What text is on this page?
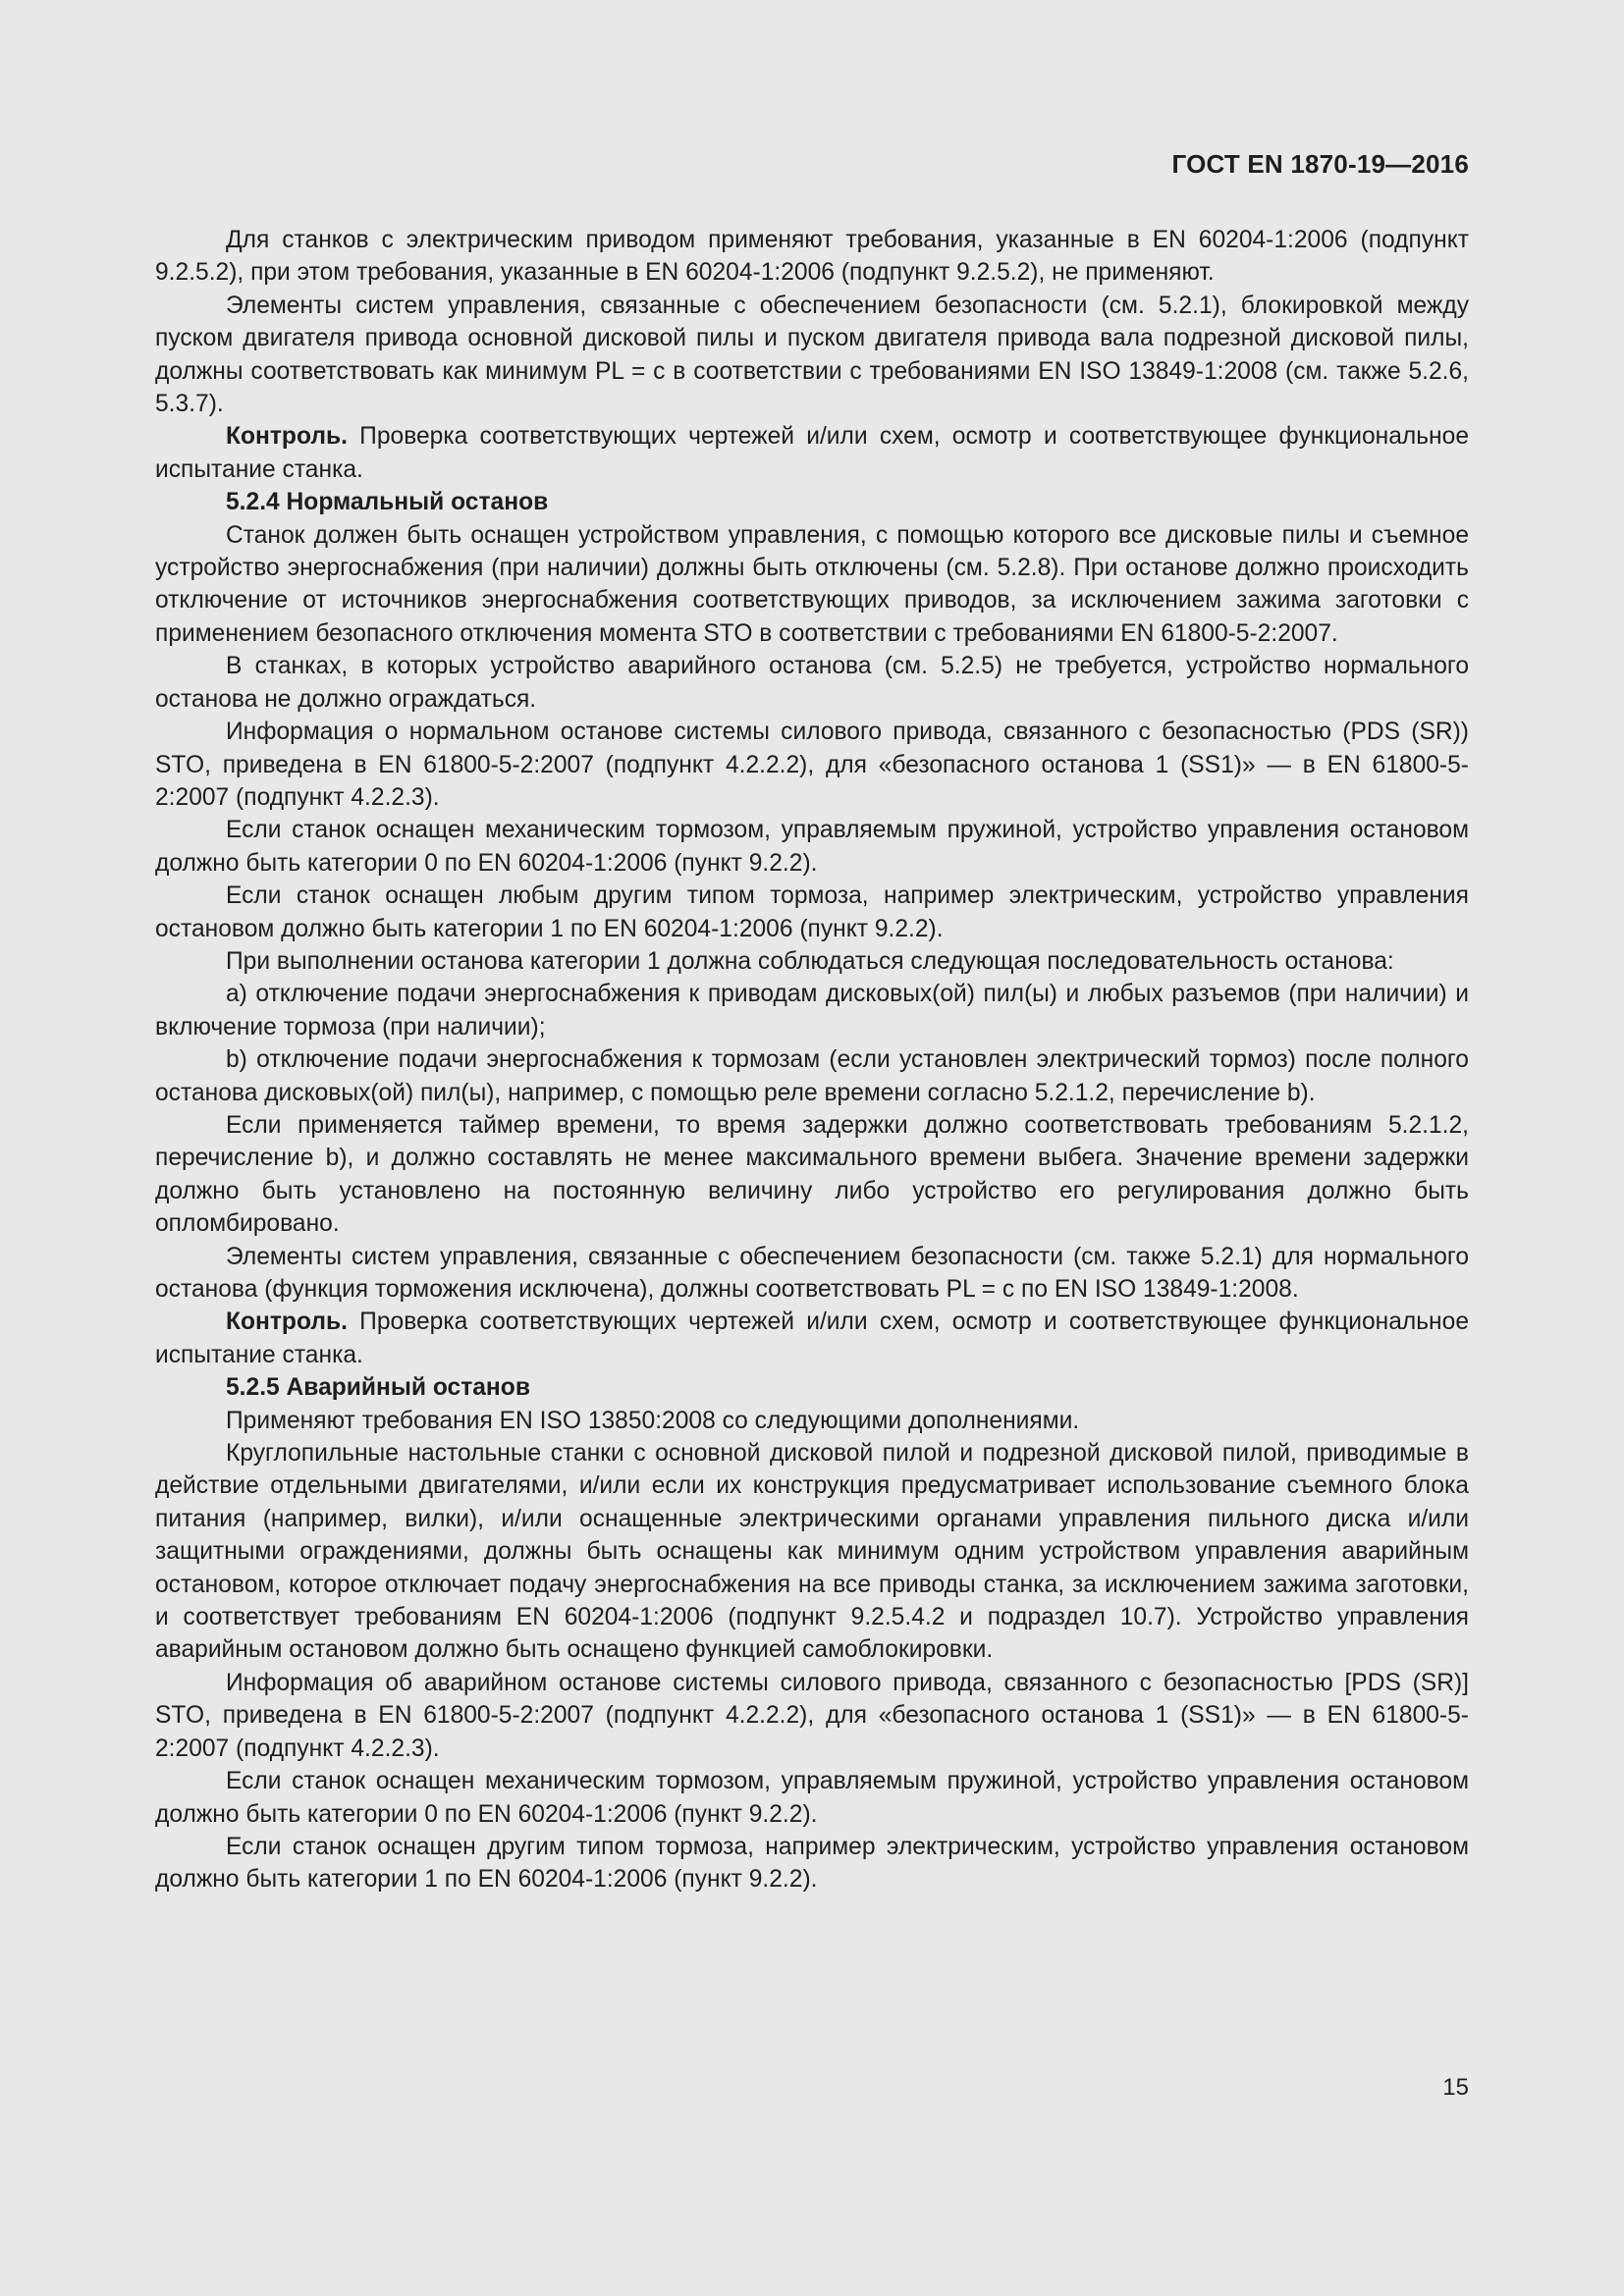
ГОСТ EN 1870-19—2016

Для станков с электрическим приводом применяют требования, указанные в EN 60204-1:2006 (подпункт 9.2.5.2), при этом требования, указанные в EN 60204-1:2006 (подпункт 9.2.5.2), не применяют.

Элементы систем управления, связанные с обеспечением безопасности (см. 5.2.1), блокировкой между пуском двигателя привода основной дисковой пилы и пуском двигателя привода вала подрезной дисковой пилы, должны соответствовать как минимум PL = c в соответствии с требованиями EN ISO 13849-1:2008 (см. также 5.2.6, 5.3.7).

Контроль. Проверка соответствующих чертежей и/или схем, осмотр и соответствующее функциональное испытание станка.

5.2.4 Нормальный останов

Станок должен быть оснащен устройством управления, с помощью которого все дисковые пилы и съемное устройство энергоснабжения (при наличии) должны быть отключены (см. 5.2.8). При останове должно происходить отключение от источников энергоснабжения соответствующих приводов, за исключением зажима заготовки с применением безопасного отключения момента STO в соответствии с требованиями EN 61800-5-2:2007.

В станках, в которых устройство аварийного останова (см. 5.2.5) не требуется, устройство нормального останова не должно ограждаться.

Информация о нормальном останове системы силового привода, связанного с безопасностью (PDS (SR)) STO, приведена в EN 61800-5-2:2007 (подпункт 4.2.2.2), для «безопасного останова 1 (SS1)» — в EN 61800-5-2:2007 (подпункт 4.2.2.3).

Если станок оснащен механическим тормозом, управляемым пружиной, устройство управления остановом должно быть категории 0 по EN 60204-1:2006 (пункт 9.2.2).

Если станок оснащен любым другим типом тормоза, например электрическим, устройство управления остановом должно быть категории 1 по EN 60204-1:2006 (пункт 9.2.2).

При выполнении останова категории 1 должна соблюдаться следующая последовательность останова:

a) отключение подачи энергоснабжения к приводам дисковых(ой) пил(ы) и любых разъемов (при наличии) и включение тормоза (при наличии);

b) отключение подачи энергоснабжения к тормозам (если установлен электрический тормоз) после полного останова дисковых(ой) пил(ы), например, с помощью реле времени согласно 5.2.1.2, перечисление b).

Если применяется таймер времени, то время задержки должно соответствовать требованиям 5.2.1.2, перечисление b), и должно составлять не менее максимального времени выбега. Значение времени задержки должно быть установлено на постоянную величину либо устройство его регулирования должно быть опломбировано.

Элементы систем управления, связанные с обеспечением безопасности (см. также 5.2.1) для нормального останова (функция торможения исключена), должны соответствовать PL = c по EN ISO 13849-1:2008.

Контроль. Проверка соответствующих чертежей и/или схем, осмотр и соответствующее функциональное испытание станка.

5.2.5 Аварийный останов

Применяют требования EN ISO 13850:2008 со следующими дополнениями.

Круглопильные настольные станки с основной дисковой пилой и подрезной дисковой пилой, приводимые в действие отдельными двигателями, и/или если их конструкция предусматривает использование съемного блока питания (например, вилки), и/или оснащенные электрическими органами управления пильного диска и/или защитными ограждениями, должны быть оснащены как минимум одним устройством управления аварийным остановом, которое отключает подачу энергоснабжения на все приводы станка, за исключением зажима заготовки, и соответствует требованиям EN 60204-1:2006 (подпункт 9.2.5.4.2 и подраздел 10.7). Устройство управления аварийным остановом должно быть оснащено функцией самоблокировки.

Информация об аварийном останове системы силового привода, связанного с безопасностью [PDS (SR)] STO, приведена в EN 61800-5-2:2007 (подпункт 4.2.2.2), для «безопасного останова 1 (SS1)» — в EN 61800-5-2:2007 (подпункт 4.2.2.3).

Если станок оснащен механическим тормозом, управляемым пружиной, устройство управления остановом должно быть категории 0 по EN 60204-1:2006 (пункт 9.2.2).

Если станок оснащен другим типом тормоза, например электрическим, устройство управления остановом должно быть категории 1 по EN 60204-1:2006 (пункт 9.2.2).

15
